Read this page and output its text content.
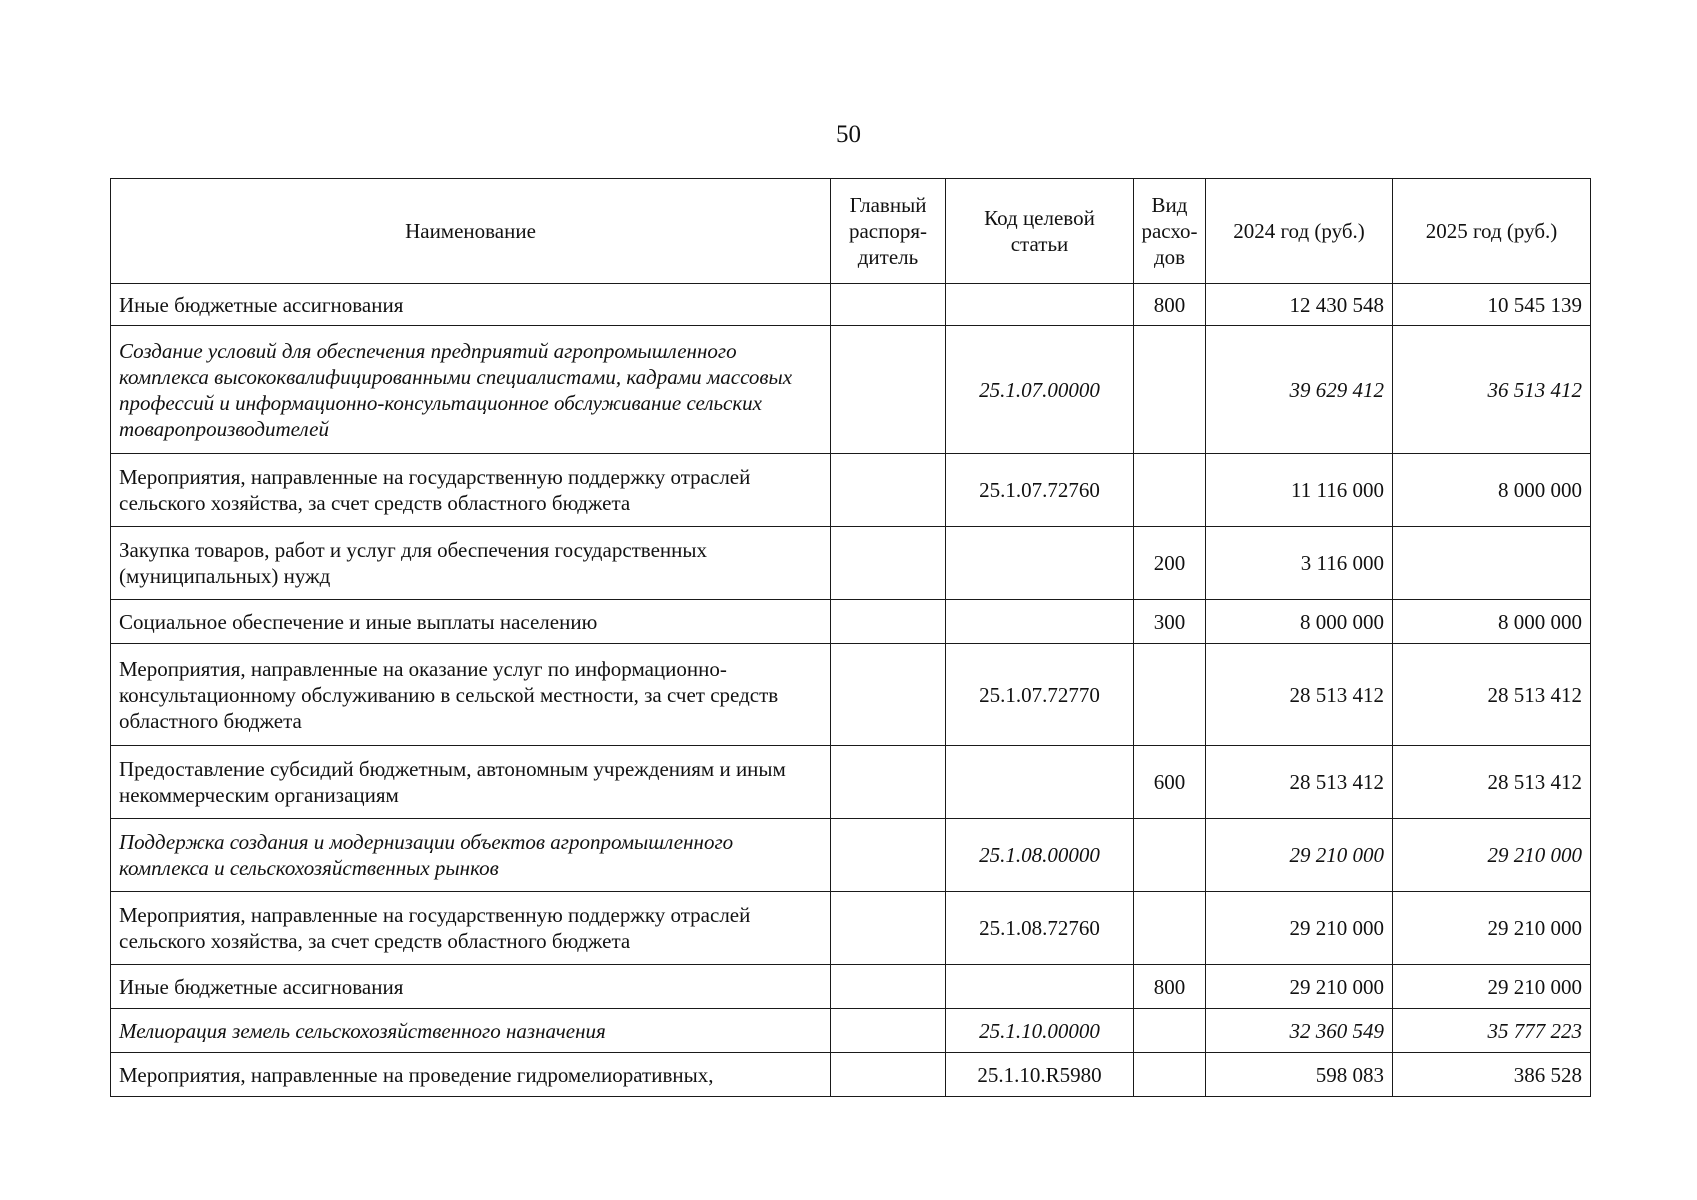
50
Наименование	Главный распоря-дитель	Код целевой статьи	Вид расхо-дов	2024 год (руб.)	2025 год (руб.)
Иные бюджетные ассигнования			800	12 430 548	10 545 139
Создание условий для обеспечения предприятий агропромышленного комплекса высококвалифицированными специалистами, кадрами массовых профессий и информационно-консультационное обслуживание сельских товаропроизводителей		25.1.07.00000		39 629 412	36 513 412
Мероприятия, направленные на государственную поддержку отраслей сельского хозяйства, за счет средств областного бюджета		25.1.07.72760		11 116 000	8 000 000
Закупка товаров, работ и услуг для обеспечения государственных (муниципальных) нужд			200	3 116 000	
Социальное обеспечение и иные выплаты населению			300	8 000 000	8 000 000
Мероприятия, направленные на оказание услуг по информационно-консультационному обслуживанию в сельской местности, за счет средств областного бюджета		25.1.07.72770		28 513 412	28 513 412
Предоставление субсидий бюджетным, автономным учреждениям и иным некоммерческим организациям			600	28 513 412	28 513 412
Поддержка создания и модернизации объектов агропромышленного комплекса и сельскохозяйственных рынков		25.1.08.00000		29 210 000	29 210 000
Мероприятия, направленные на государственную поддержку отраслей сельского хозяйства, за счет средств областного бюджета		25.1.08.72760		29 210 000	29 210 000
Иные бюджетные ассигнования			800	29 210 000	29 210 000
Мелиорация земель сельскохозяйственного назначения		25.1.10.00000		32 360 549	35 777 223
Мероприятия, направленные на проведение гидромелиоративных,		25.1.10.R5980		598 083	386 528
